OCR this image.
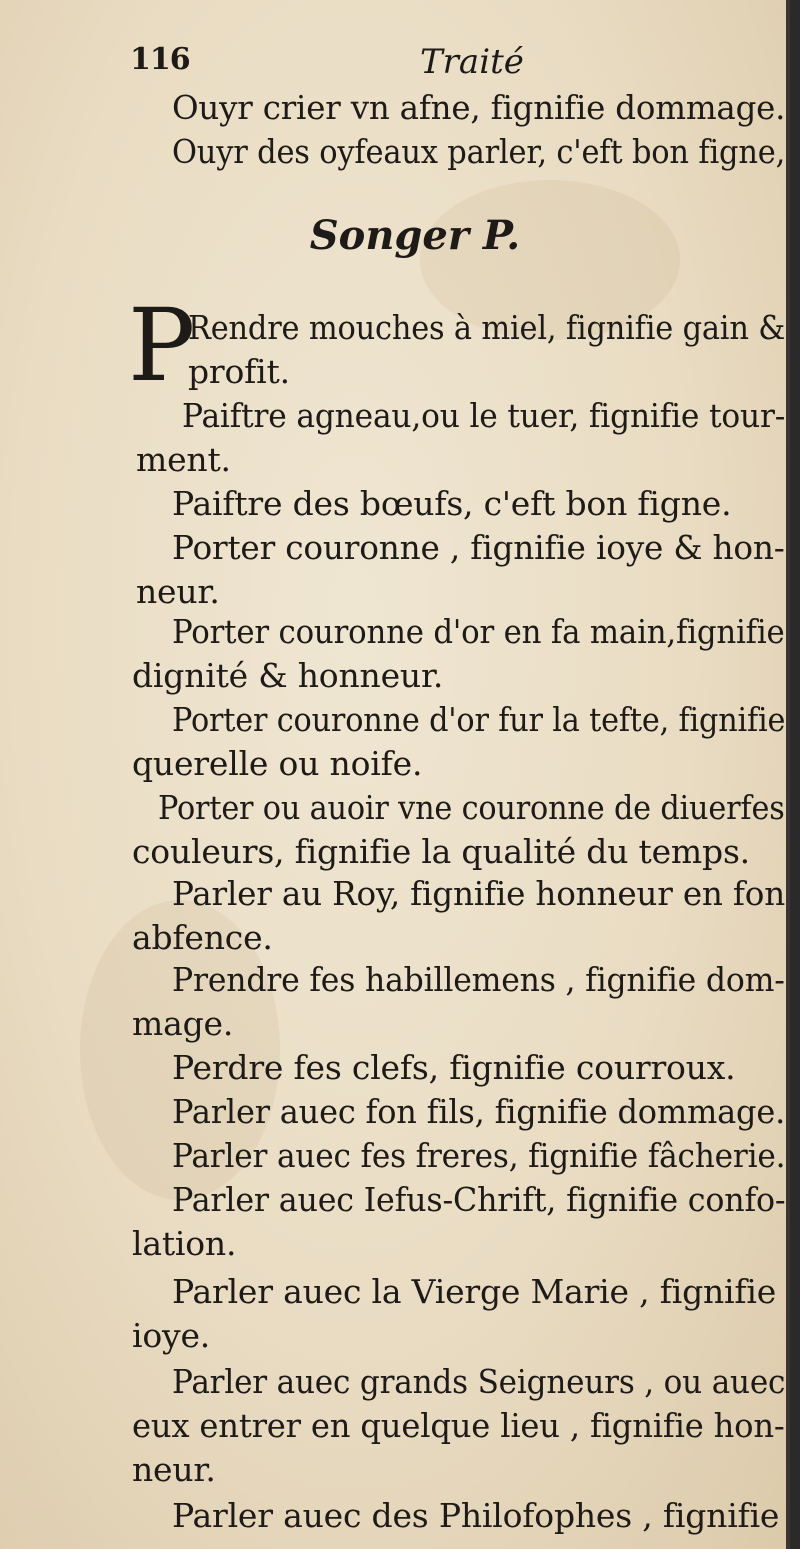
116	Traité
Ouyr crier vn afne, fignifie dommage.
Ouyr des oyfeaux parler, c'eft bon figne,
Songer P.
P
Rendre mouches à miel, fignifie gain &
profit.
Paiftre agneau,ou le tuer, fignifie tour-
ment.
Paiftre des bœufs, c'eft bon figne.
Porter couronne , fignifie ioye & hon-
neur.
Porter couronne d'or en fa main,fignifie
dignité & honneur.
Porter couronne d'or fur la tefte, fignifie
querelle ou noife.
Porter ou auoir vne couronne de diuerfes
couleurs, fignifie la qualité du temps.
Parler au Roy, fignifie honneur en fon
abfence.
Prendre fes habillemens , fignifie dom-
mage.
Perdre fes clefs, fignifie courroux.
Parler auec fon fils, fignifie dommage.
Parler auec fes freres, fignifie fâcherie.
Parler auec Iefus-Chrift, fignifie confo-
lation.
Parler auec la Vierge Marie , fignifie
ioye.
Parler auec grands Seigneurs , ou auec
eux entrer en quelque lieu , fignifie hon-
neur.
Parler auec des Philofophes , fignifie
